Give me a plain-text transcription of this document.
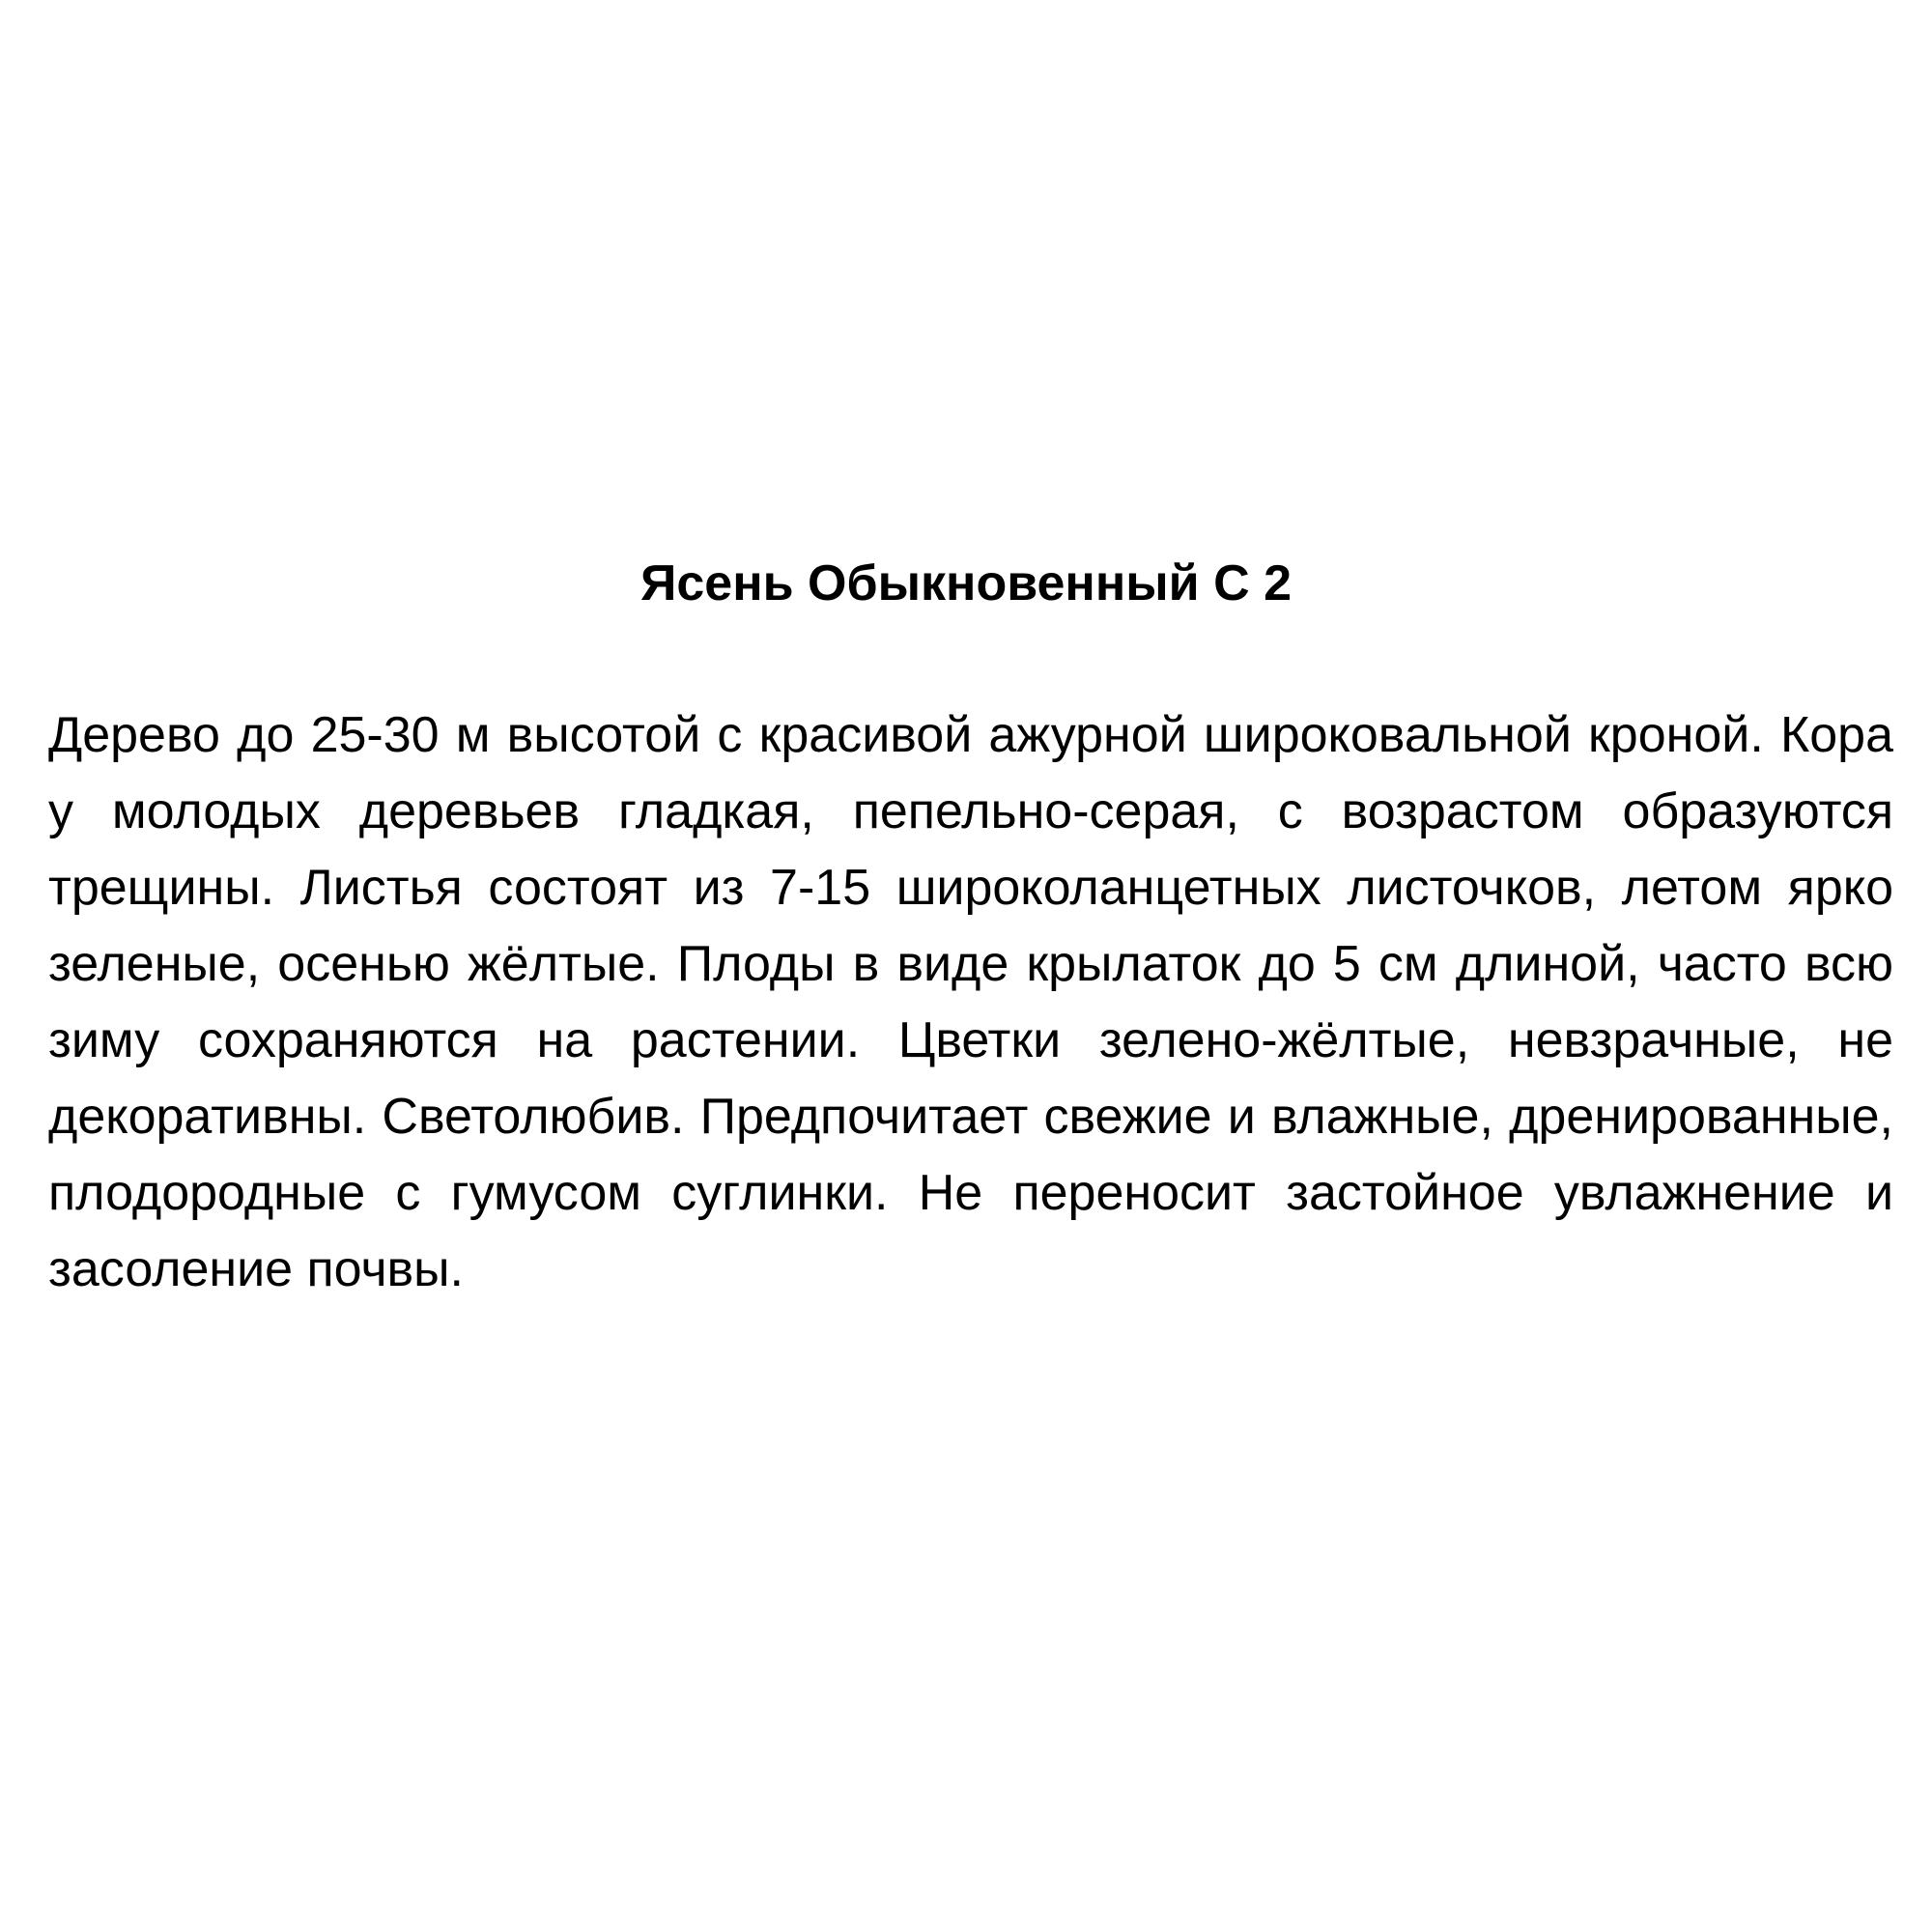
Ясень Обыкновенный С 2

Дерево до 25-30 м высотой с красивой ажурной широковальной кроной. Кора у молодых деревьев гладкая, пепельно-серая, с возрастом образуются трещины. Листья состоят из 7-15 широколанцетных листочков, летом ярко зеленые, осенью жёлтые. Плоды в виде крылаток до 5 см длиной, часто всю зиму сохраняются на растении. Цветки зелено-жёлтые, невзрачные, не декоративны. Светолюбив. Предпочитает свежие и влажные, дренированные, плодородные с гумусом суглинки. Не переносит застойное увлажнение и засоление почвы.
